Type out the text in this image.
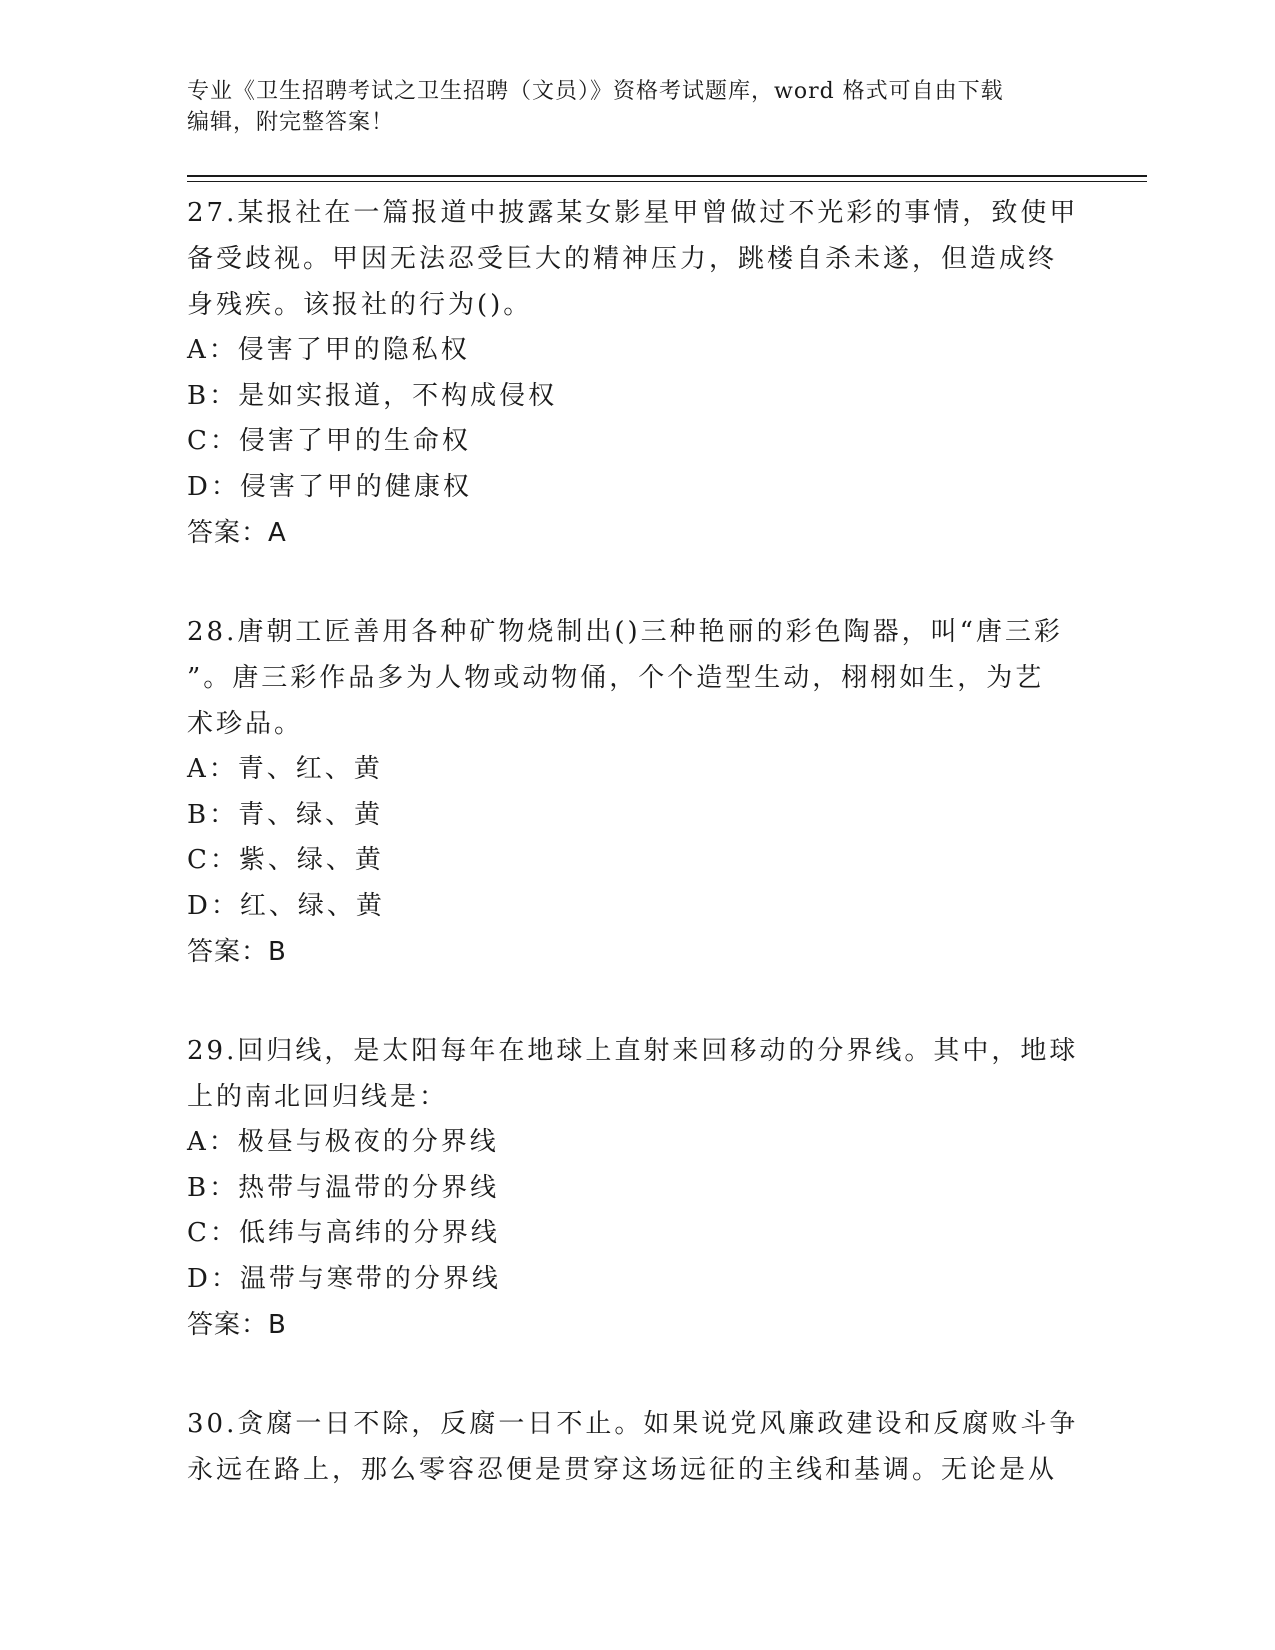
专业《卫生招聘考试之卫生招聘（文员）》资格考试题库，word 格式可自由下载
编辑，附完整答案！
27.某报社在一篇报道中披露某女影星甲曾做过不光彩的事情，致使甲
备受歧视。甲因无法忍受巨大的精神压力，跳楼自杀未遂，但造成终
身残疾。该报社的行为()。
A：侵害了甲的隐私权
B：是如实报道，不构成侵权
C：侵害了甲的生命权
D：侵害了甲的健康权
答案：A
28.唐朝工匠善用各种矿物烧制出()三种艳丽的彩色陶器，叫“唐三彩
”。唐三彩作品多为人物或动物俑，个个造型生动，栩栩如生，为艺
术珍品。
A：青、红、黄
B：青、绿、黄
C：紫、绿、黄
D：红、绿、黄
答案：B
29.回归线，是太阳每年在地球上直射来回移动的分界线。其中，地球
上的南北回归线是：
A：极昼与极夜的分界线
B：热带与温带的分界线
C：低纬与高纬的分界线
D：温带与寒带的分界线
答案：B
30.贪腐一日不除，反腐一日不止。如果说党风廉政建设和反腐败斗争
永远在路上，那么零容忍便是贯穿这场远征的主线和基调。无论是从
